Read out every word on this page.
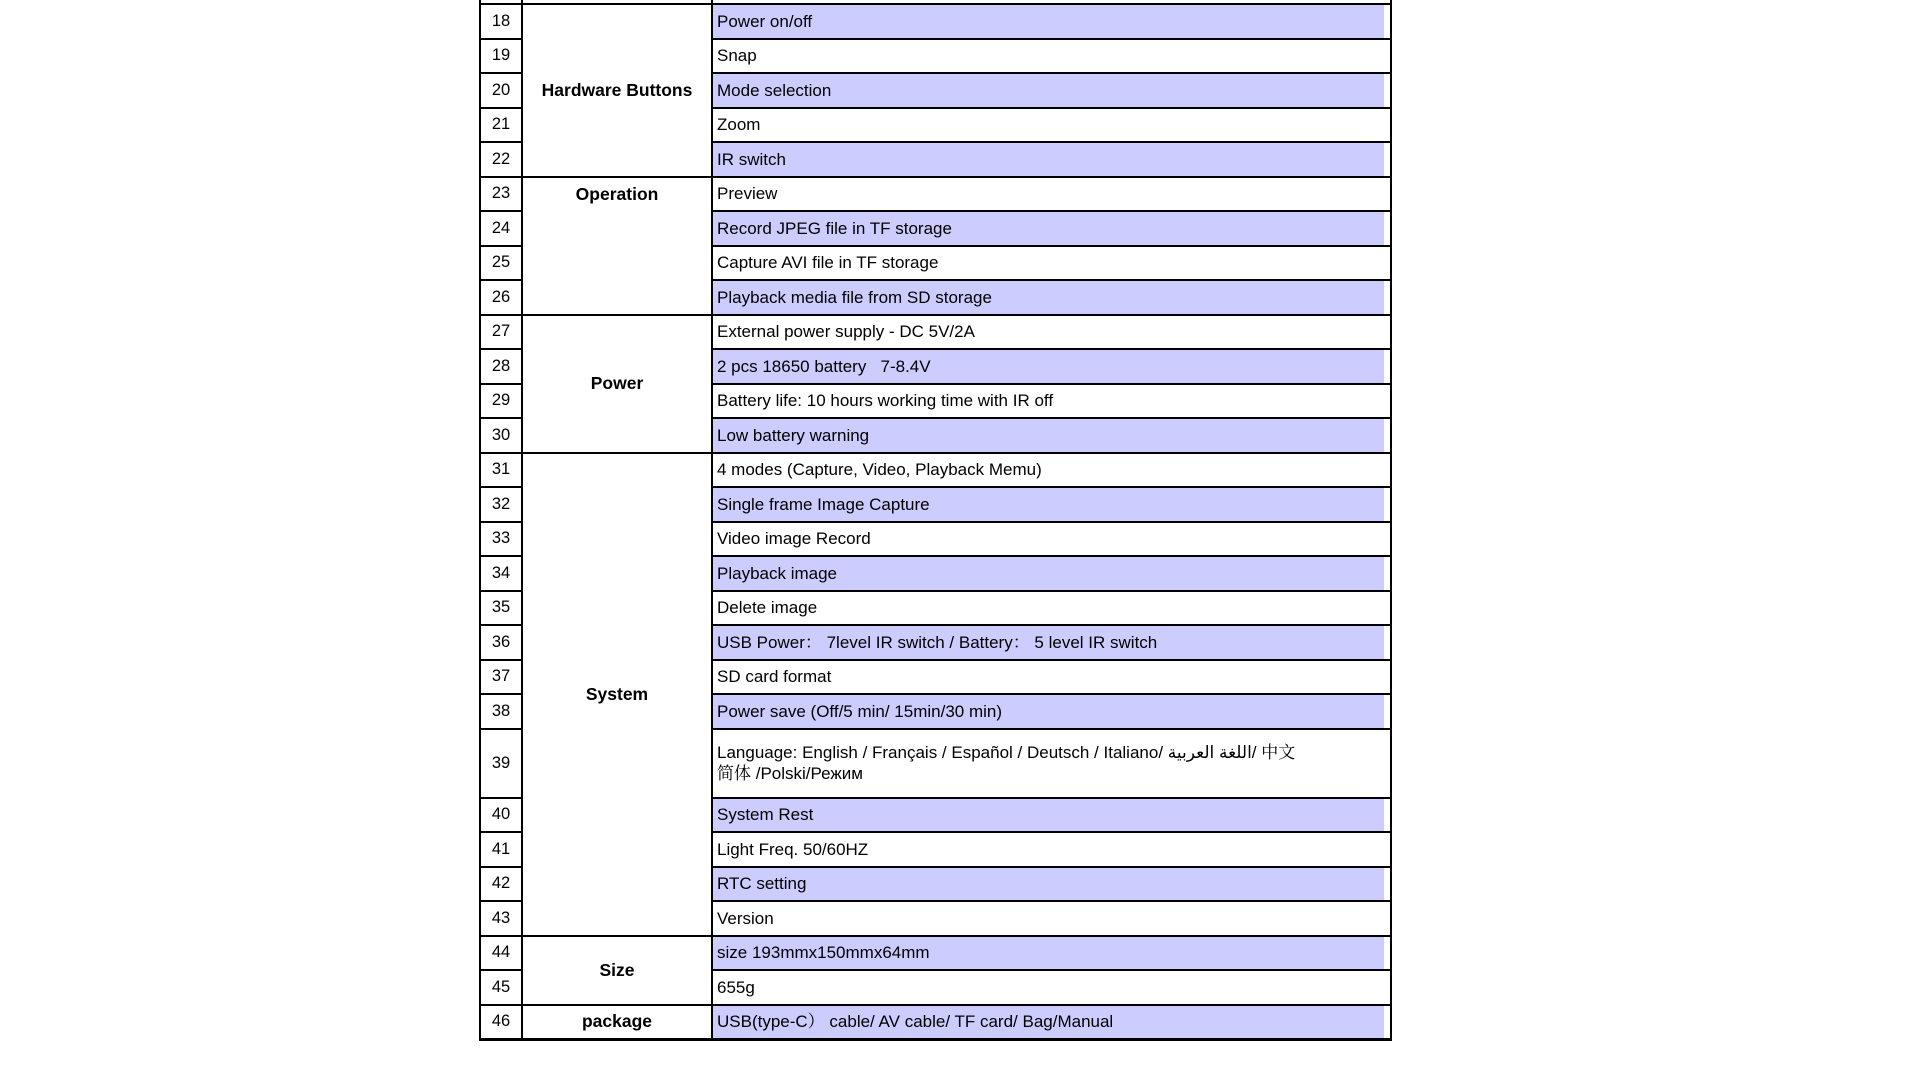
18	Hardware Buttons	Power on/off

19		Snap

20		Mode selection

21		Zoom

22		IR switch

23	Operation	Preview

24		Record JPEG file in TF storage

25		Capture AVI file in TF storage

26		Playback media file from SD storage

27	Power	External power supply - DC 5V/2A

28		2 pcs 18650 battery   7-8.4V

29		Battery life: 10 hours working time with IR off

30		Low battery warning

31	System	4 modes (Capture, Video, Playback Memu)

32		Single frame Image Capture

33		Video image Record

34		Playback image

35		Delete image

36		USB Power： 7level IR switch / Battery： 5 level IR switch

37		SD card format

38		Power save (Off/5 min/ 15min/30 min)

39		Language: English / Français / Español / Deutsch / Italiano/ اللغة العربية/ 中文
简体 /Polski/Режим

40		System Rest

41		Light Freq. 50/60HZ

42		RTC setting

43		Version

44	Size	size 193mmx150mmx64mm

45		655g

46	package	USB(type-C） cable/ AV cable/ TF card/ Bag/Manual
